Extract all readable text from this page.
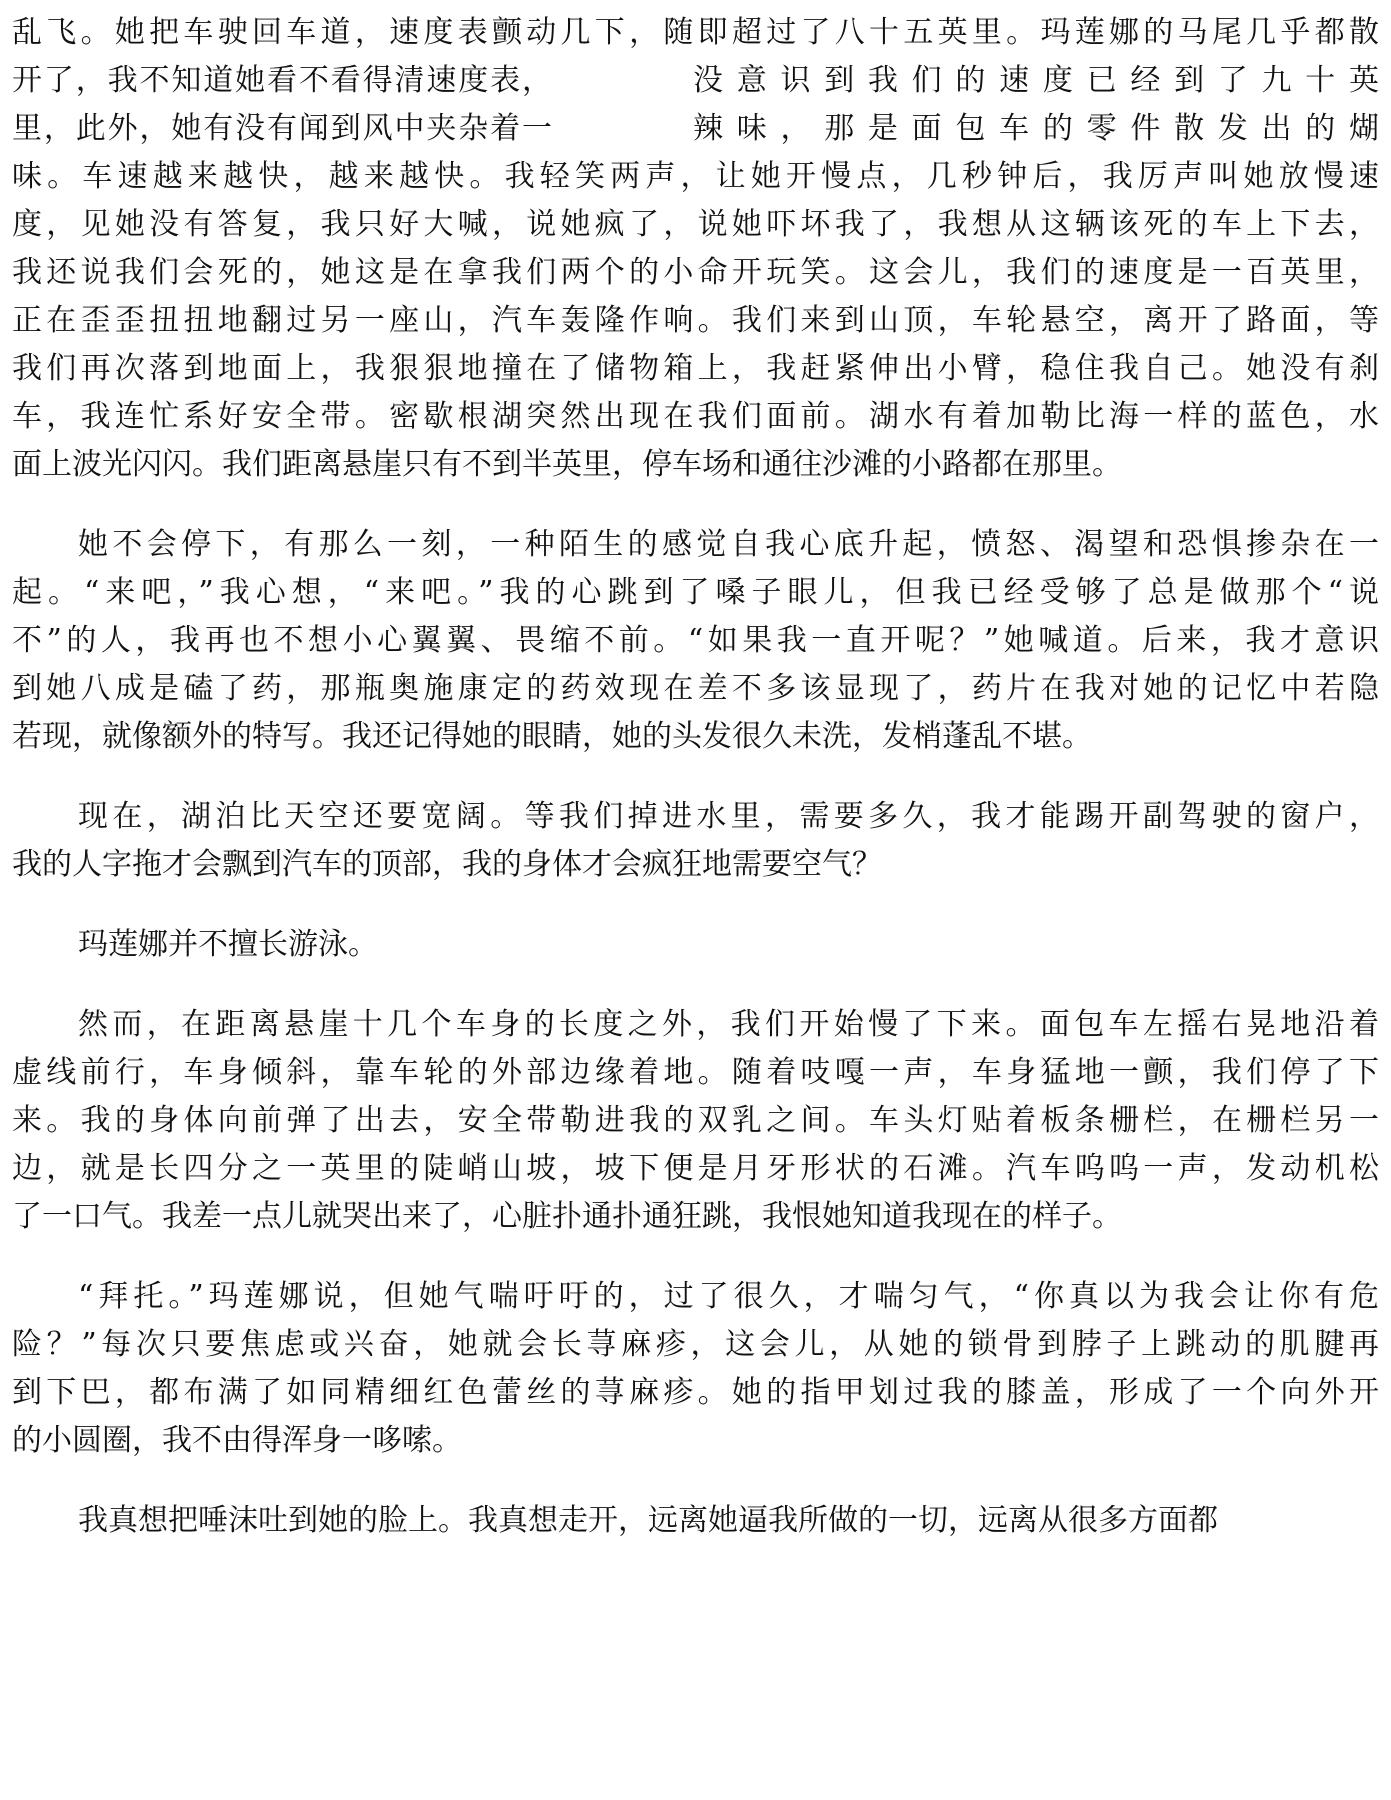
乱飞。她把车驶回车道，速度表颤动几下，随即超过了八十五英里。玛莲娜的马尾几乎都散
开了，我不知道她看不看得清速度表，	没意识到我们的速度已经到了九十英
里，此外，她有没有闻到风中夹杂着一	辣味，那是面包车的零件散发出的煳
味。车速越来越快，越来越快。我轻笑两声，让她开慢点，几秒钟后，我厉声叫她放慢速
度，见她没有答复，我只好大喊，说她疯了，说她吓坏我了，我想从这辆该死的车上下去，
我还说我们会死的，她这是在拿我们两个的小命开玩笑。这会儿，我们的速度是一百英里，
正在歪歪扭扭地翻过另一座山，汽车轰隆作响。我们来到山顶，车轮悬空，离开了路面，等
我们再次落到地面上，我狠狠地撞在了储物箱上，我赶紧伸出小臂，稳住我自己。她没有刹
车，我连忙系好安全带。密歇根湖突然出现在我们面前。湖水有着加勒比海一样的蓝色，水
面上波光闪闪。我们距离悬崖只有不到半英里，停车场和通往沙滩的小路都在那里。
她不会停下，有那么一刻，一种陌生的感觉自我心底升起，愤怒、渴望和恐惧掺杂在一
起。“来吧，”我心想，“来吧。”我的心跳到了嗓子眼儿，但我已经受够了总是做那个“说
不”的人，我再也不想小心翼翼、畏缩不前。“如果我一直开呢？”她喊道。后来，我才意识
到她八成是磕了药，那瓶奥施康定的药效现在差不多该显现了，药片在我对她的记忆中若隐
若现，就像额外的特写。我还记得她的眼睛，她的头发很久未洗，发梢蓬乱不堪。
现在，湖泊比天空还要宽阔。等我们掉进水里，需要多久，我才能踢开副驾驶的窗户，
我的人字拖才会飘到汽车的顶部，我的身体才会疯狂地需要空气？
玛莲娜并不擅长游泳。
然而，在距离悬崖十几个车身的长度之外，我们开始慢了下来。面包车左摇右晃地沿着
虚线前行，车身倾斜，靠车轮的外部边缘着地。随着吱嘎一声，车身猛地一颤，我们停了下
来。我的身体向前弹了出去，安全带勒进我的双乳之间。车头灯贴着板条栅栏，在栅栏另一
边，就是长四分之一英里的陡峭山坡，坡下便是月牙形状的石滩。汽车呜呜一声，发动机松
了一口气。我差一点儿就哭出来了，心脏扑通扑通狂跳，我恨她知道我现在的样子。
“拜托。”玛莲娜说，但她气喘吁吁的，过了很久，才喘匀气，“你真以为我会让你有危
险？”每次只要焦虑或兴奋，她就会长荨麻疹，这会儿，从她的锁骨到脖子上跳动的肌腱再
到下巴，都布满了如同精细红色蕾丝的荨麻疹。她的指甲划过我的膝盖，形成了一个向外开
的小圆圈，我不由得浑身一哆嗦。
我真想把唾沫吐到她的脸上。我真想走开，远离她逼我所做的一切，远离从很多方面都
